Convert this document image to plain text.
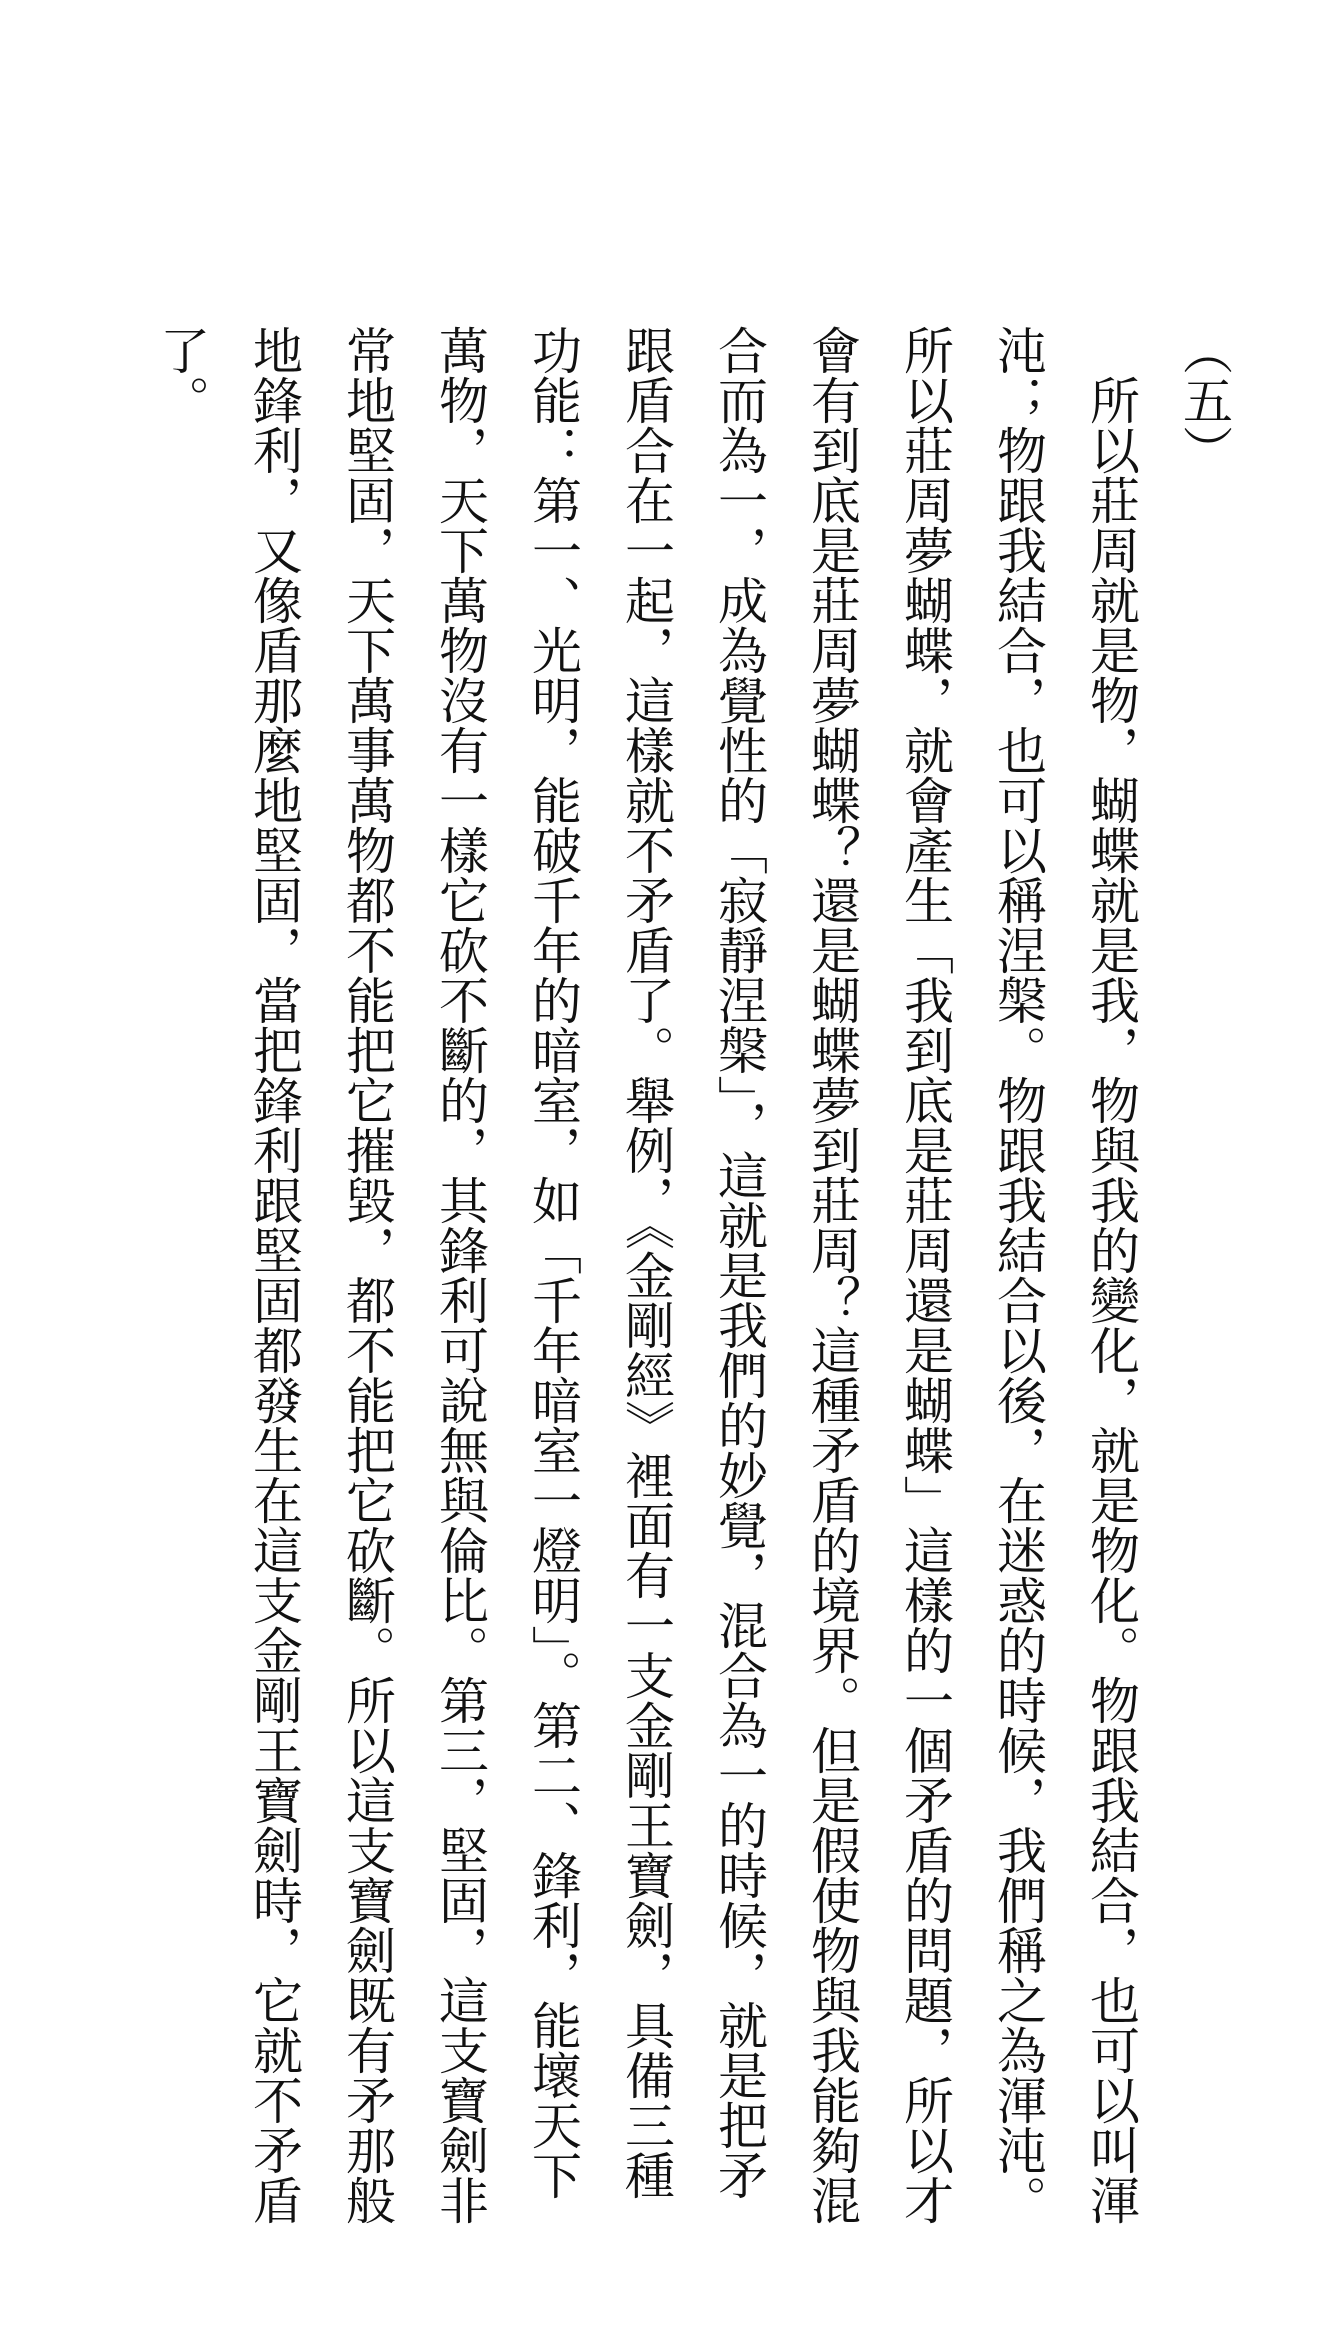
（五）

所以莊周就是物，蝴蝶就是我，物與我的變化，就是物化。物跟我結合，也可以叫渾沌；物跟我結合，也可以稱涅槃。物跟我結合以後，在迷惑的時候，我們稱之為渾沌。所以莊周夢蝴蝶，就會產生「我到底是莊周還是蝴蝶」這樣的一個矛盾的問題，所以才會有到底是莊周夢蝴蝶？還是蝴蝶夢到莊周？這種矛盾的境界。但是假使物與我能夠混合而為一，成為覺性的「寂靜涅槃」，這就是我們的妙覺，混合為一的時候，就是把矛跟盾合在一起，這樣就不矛盾了。舉例，《金剛經》裡面有一支金剛王寶劍，具備三種功能：第一、光明，能破千年的暗室，如「千年暗室一燈明」。第二、鋒利，能壞天下萬物，天下萬物沒有一樣它砍不斷的，其鋒利可說無與倫比。第三，堅固，這支寶劍非常地堅固，天下萬事萬物都不能把它摧毀，都不能把它砍斷。所以這支寶劍既有矛那般地鋒利，又像盾那麼地堅固，當把鋒利跟堅固都發生在這支金剛王寶劍時，它就不矛盾了。
